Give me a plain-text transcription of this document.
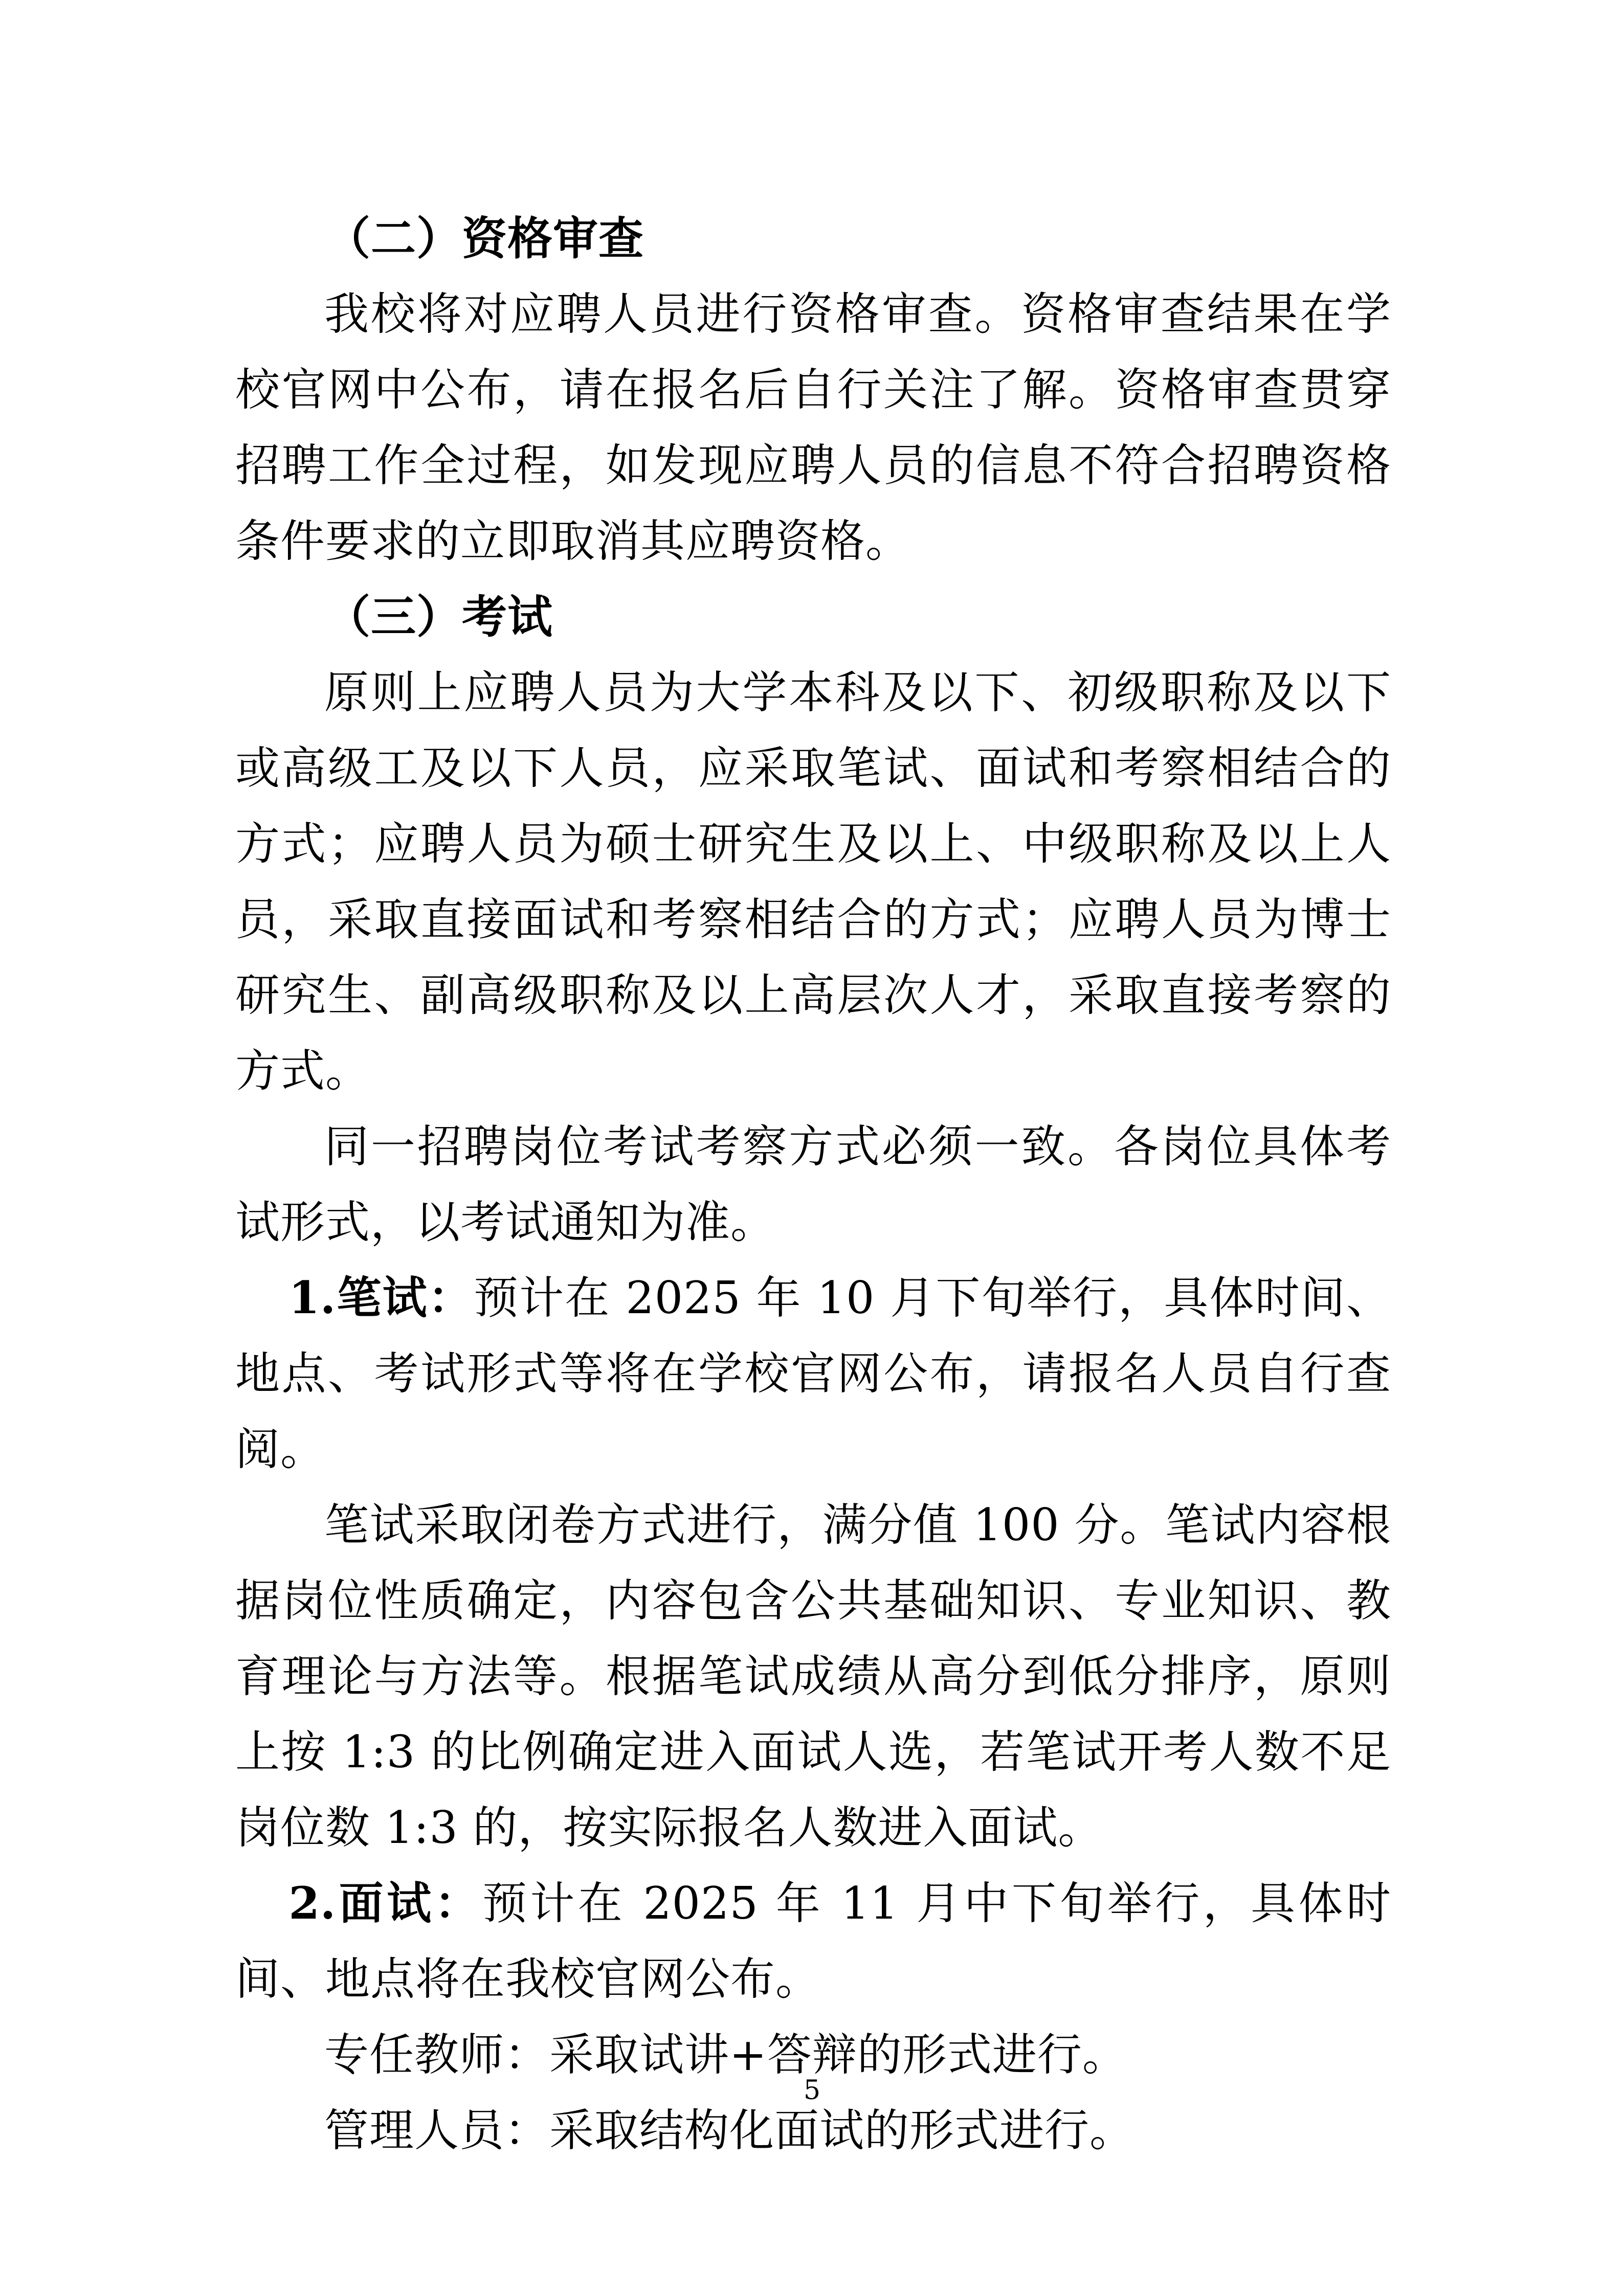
（二）资格审查

我校将对应聘人员进行资格审查。资格审查结果在学校官网中公布，请在报名后自行关注了解。资格审查贯穿招聘工作全过程，如发现应聘人员的信息不符合招聘资格条件要求的立即取消其应聘资格。

（三）考试

原则上应聘人员为大学本科及以下、初级职称及以下或高级工及以下人员，应采取笔试、面试和考察相结合的方式；应聘人员为硕士研究生及以上、中级职称及以上人员，采取直接面试和考察相结合的方式；应聘人员为博士研究生、副高级职称及以上高层次人才，采取直接考察的方式。

同一招聘岗位考试考察方式必须一致。各岗位具体考试形式，以考试通知为准。

1.笔试：预计在 2025 年 10 月下旬举行，具体时间、地点、考试形式等将在学校官网公布，请报名人员自行查阅。

笔试采取闭卷方式进行，满分值 100 分。笔试内容根据岗位性质确定，内容包含公共基础知识、专业知识、教育理论与方法等。根据笔试成绩从高分到低分排序，原则上按 1:3 的比例确定进入面试人选，若笔试开考人数不足岗位数 1:3 的，按实际报名人数进入面试。

2.面试：预计在 2025 年 11 月中下旬举行，具体时间、地点将在我校官网公布。

专任教师：采取试讲+答辩的形式进行。

管理人员：采取结构化面试的形式进行。

5
